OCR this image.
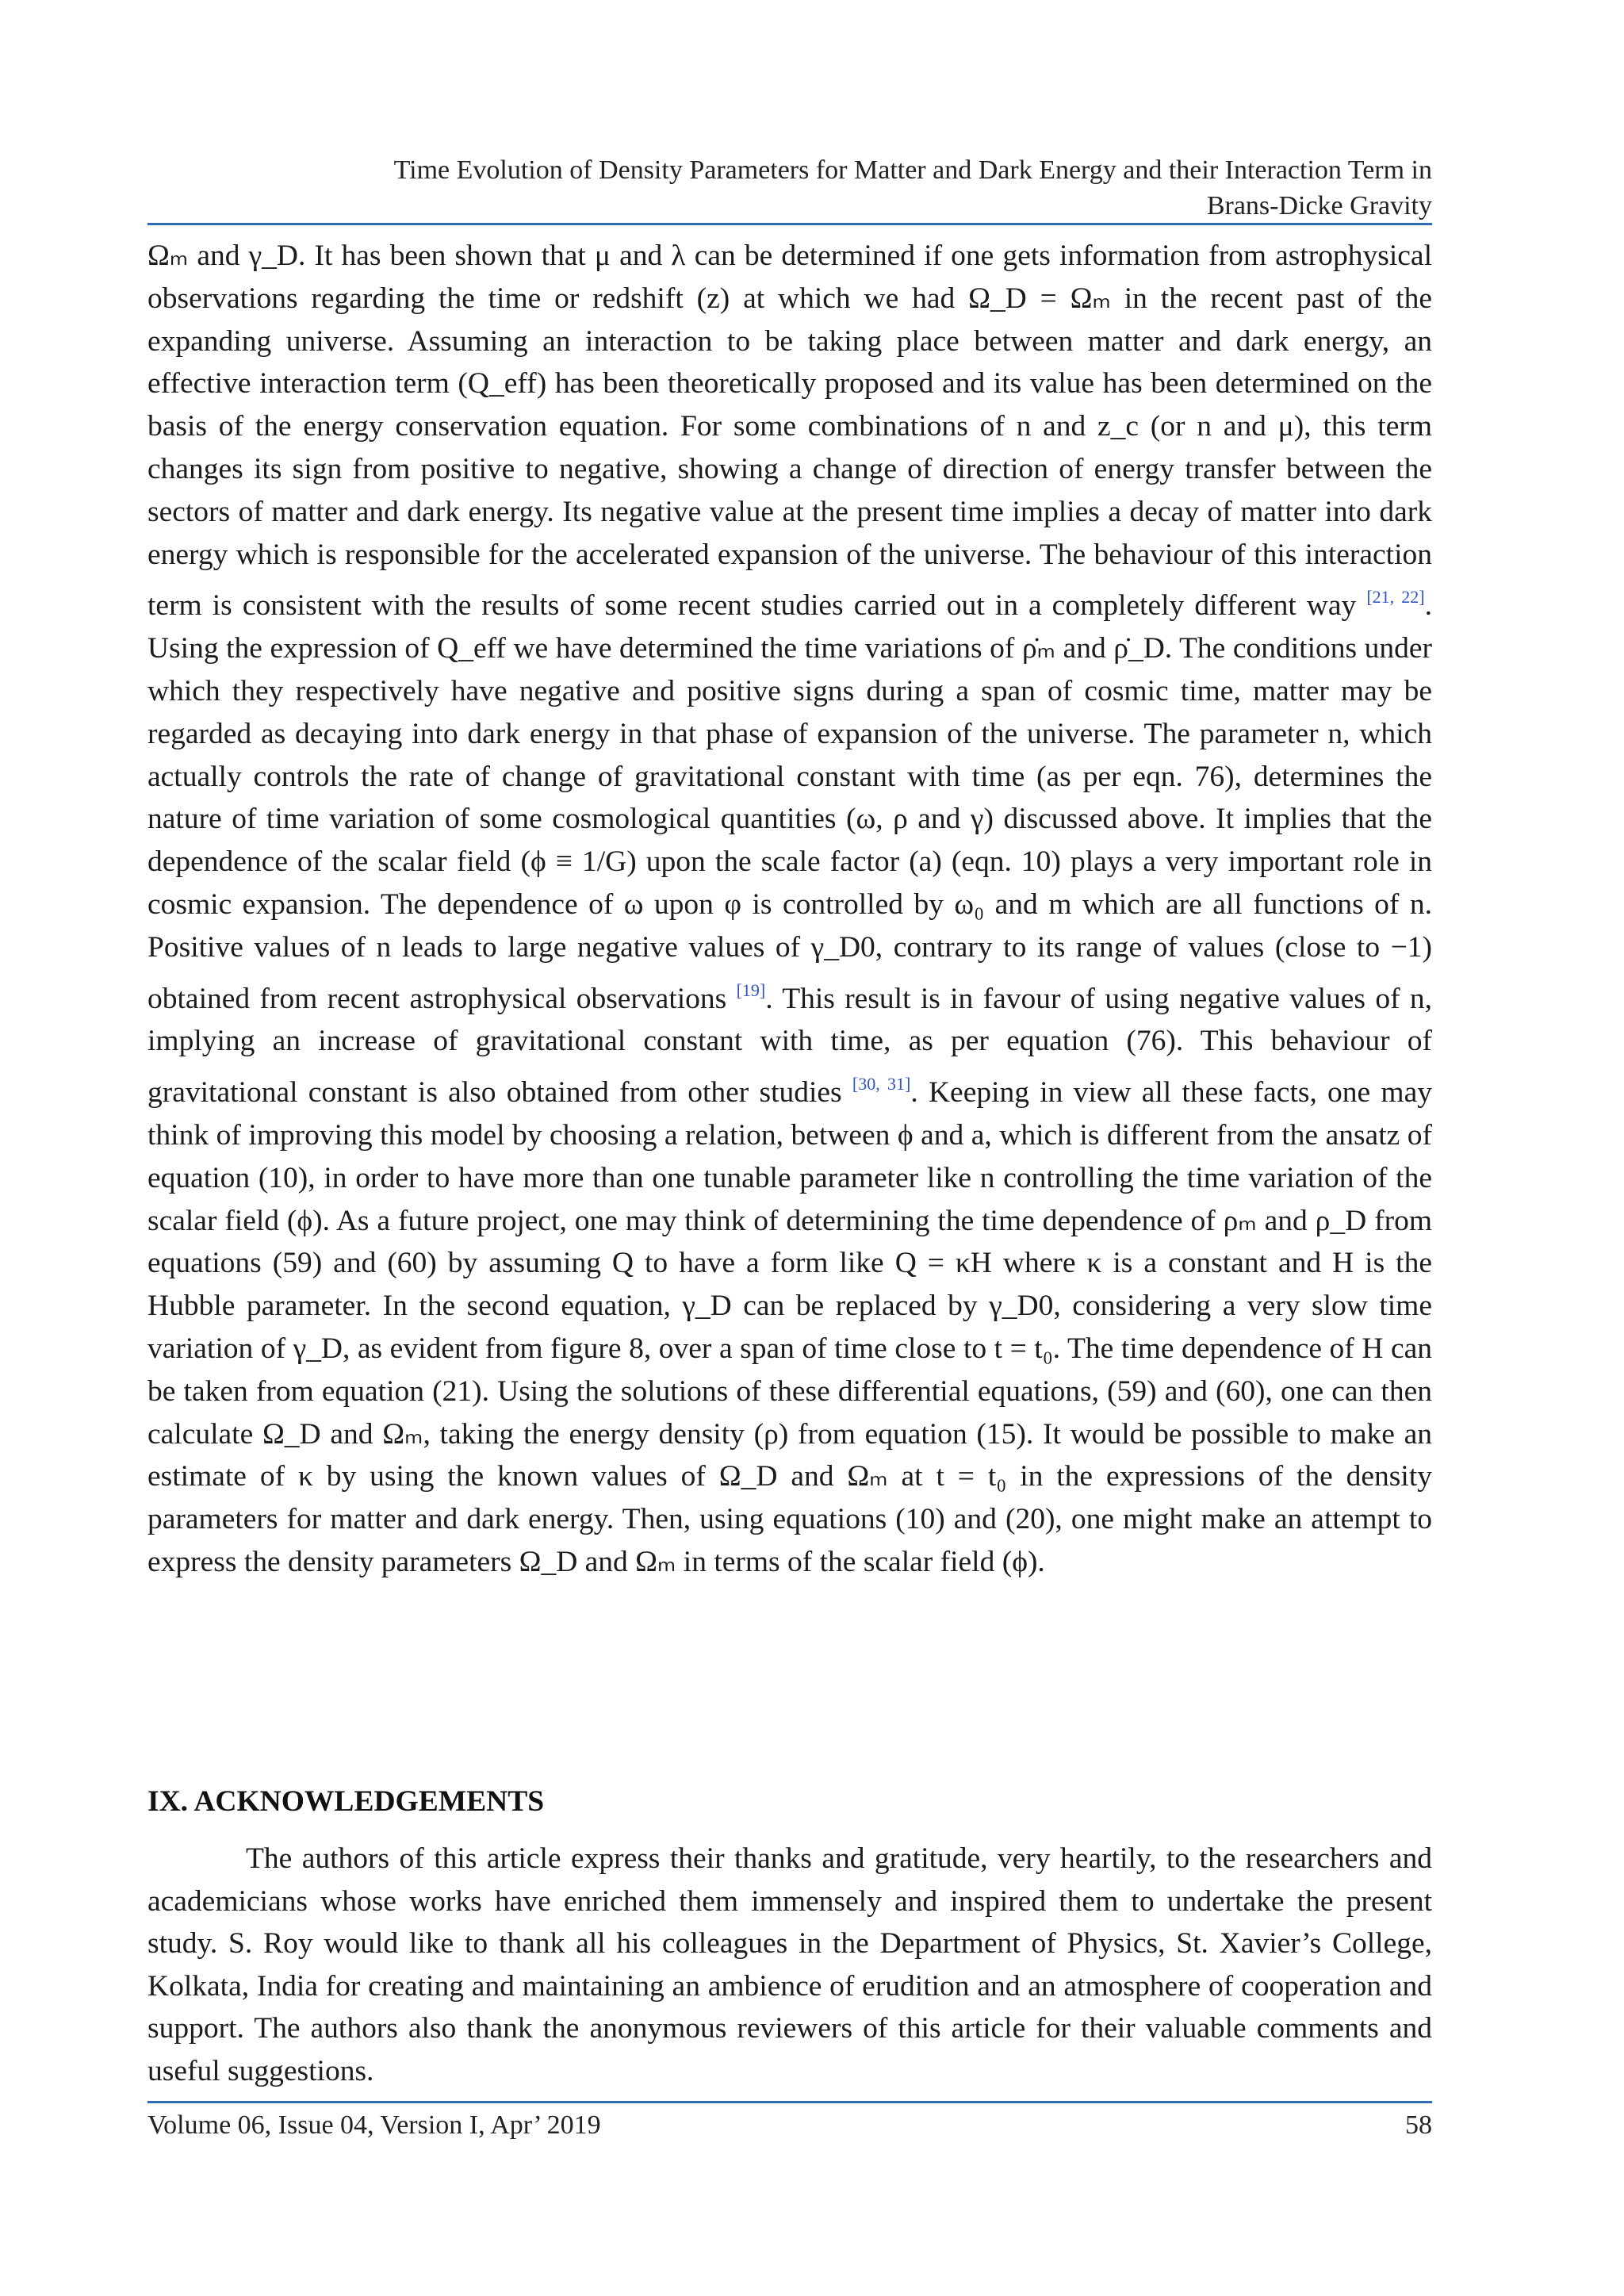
Time Evolution of Density Parameters for Matter and Dark Energy and their Interaction Term in
Brans-Dicke Gravity

Ωₘ and γ_D. It has been shown that μ and λ can be determined if one gets information from astrophysical observations regarding the time or redshift (z) at which we had Ω_D = Ωₘ in the recent past of the expanding universe. Assuming an interaction to be taking place between matter and dark energy, an effective interaction term (Q_eff) has been theoretically proposed and its value has been determined on the basis of the energy conservation equation. For some combinations of n and z_c (or n and μ), this term changes its sign from positive to negative, showing a change of direction of energy transfer between the sectors of matter and dark energy. Its negative value at the present time implies a decay of matter into dark energy which is responsible for the accelerated expansion of the universe. The behaviour of this interaction term is consistent with the results of some recent studies carried out in a completely different way [21, 22]. Using the expression of Q_eff we have determined the time variations of ρ̇ₘ and ρ̇_D. The conditions under which they respectively have negative and positive signs during a span of cosmic time, matter may be regarded as decaying into dark energy in that phase of expansion of the universe. The parameter n, which actually controls the rate of change of gravitational constant with time (as per eqn. 76), determines the nature of time variation of some cosmological quantities (ω, ρ and γ) discussed above. It implies that the dependence of the scalar field (ϕ ≡ 1/G) upon the scale factor (a) (eqn. 10) plays a very important role in cosmic expansion. The dependence of ω upon φ is controlled by ω₀ and m which are all functions of n. Positive values of n leads to large negative values of γ_D0, contrary to its range of values (close to −1) obtained from recent astrophysical observations [19]. This result is in favour of using negative values of n, implying an increase of gravitational constant with time, as per equation (76). This behaviour of gravitational constant is also obtained from other studies [30, 31]. Keeping in view all these facts, one may think of improving this model by choosing a relation, between ϕ and a, which is different from the ansatz of equation (10), in order to have more than one tunable parameter like n controlling the time variation of the scalar field (ϕ). As a future project, one may think of determining the time dependence of ρₘ and ρ_D from equations (59) and (60) by assuming Q to have a form like Q = κH where κ is a constant and H is the Hubble parameter. In the second equation, γ_D can be replaced by γ_D0, considering a very slow time variation of γ_D, as evident from figure 8, over a span of time close to t = t₀. The time dependence of H can be taken from equation (21). Using the solutions of these differential equations, (59) and (60), one can then calculate Ω_D and Ωₘ, taking the energy density (ρ) from equation (15). It would be possible to make an estimate of κ by using the known values of Ω_D and Ωₘ at t = t₀ in the expressions of the density parameters for matter and dark energy. Then, using equations (10) and (20), one might make an attempt to express the density parameters Ω_D and Ωₘ in terms of the scalar field (ϕ).

IX. ACKNOWLEDGEMENTS

The authors of this article express their thanks and gratitude, very heartily, to the researchers and academicians whose works have enriched them immensely and inspired them to undertake the present study. S. Roy would like to thank all his colleagues in the Department of Physics, St. Xavier’s College, Kolkata, India for creating and maintaining an ambience of erudition and an atmosphere of cooperation and support. The authors also thank the anonymous reviewers of this article for their valuable comments and useful suggestions.

Volume 06, Issue 04, Version I, Apr’ 2019	58
